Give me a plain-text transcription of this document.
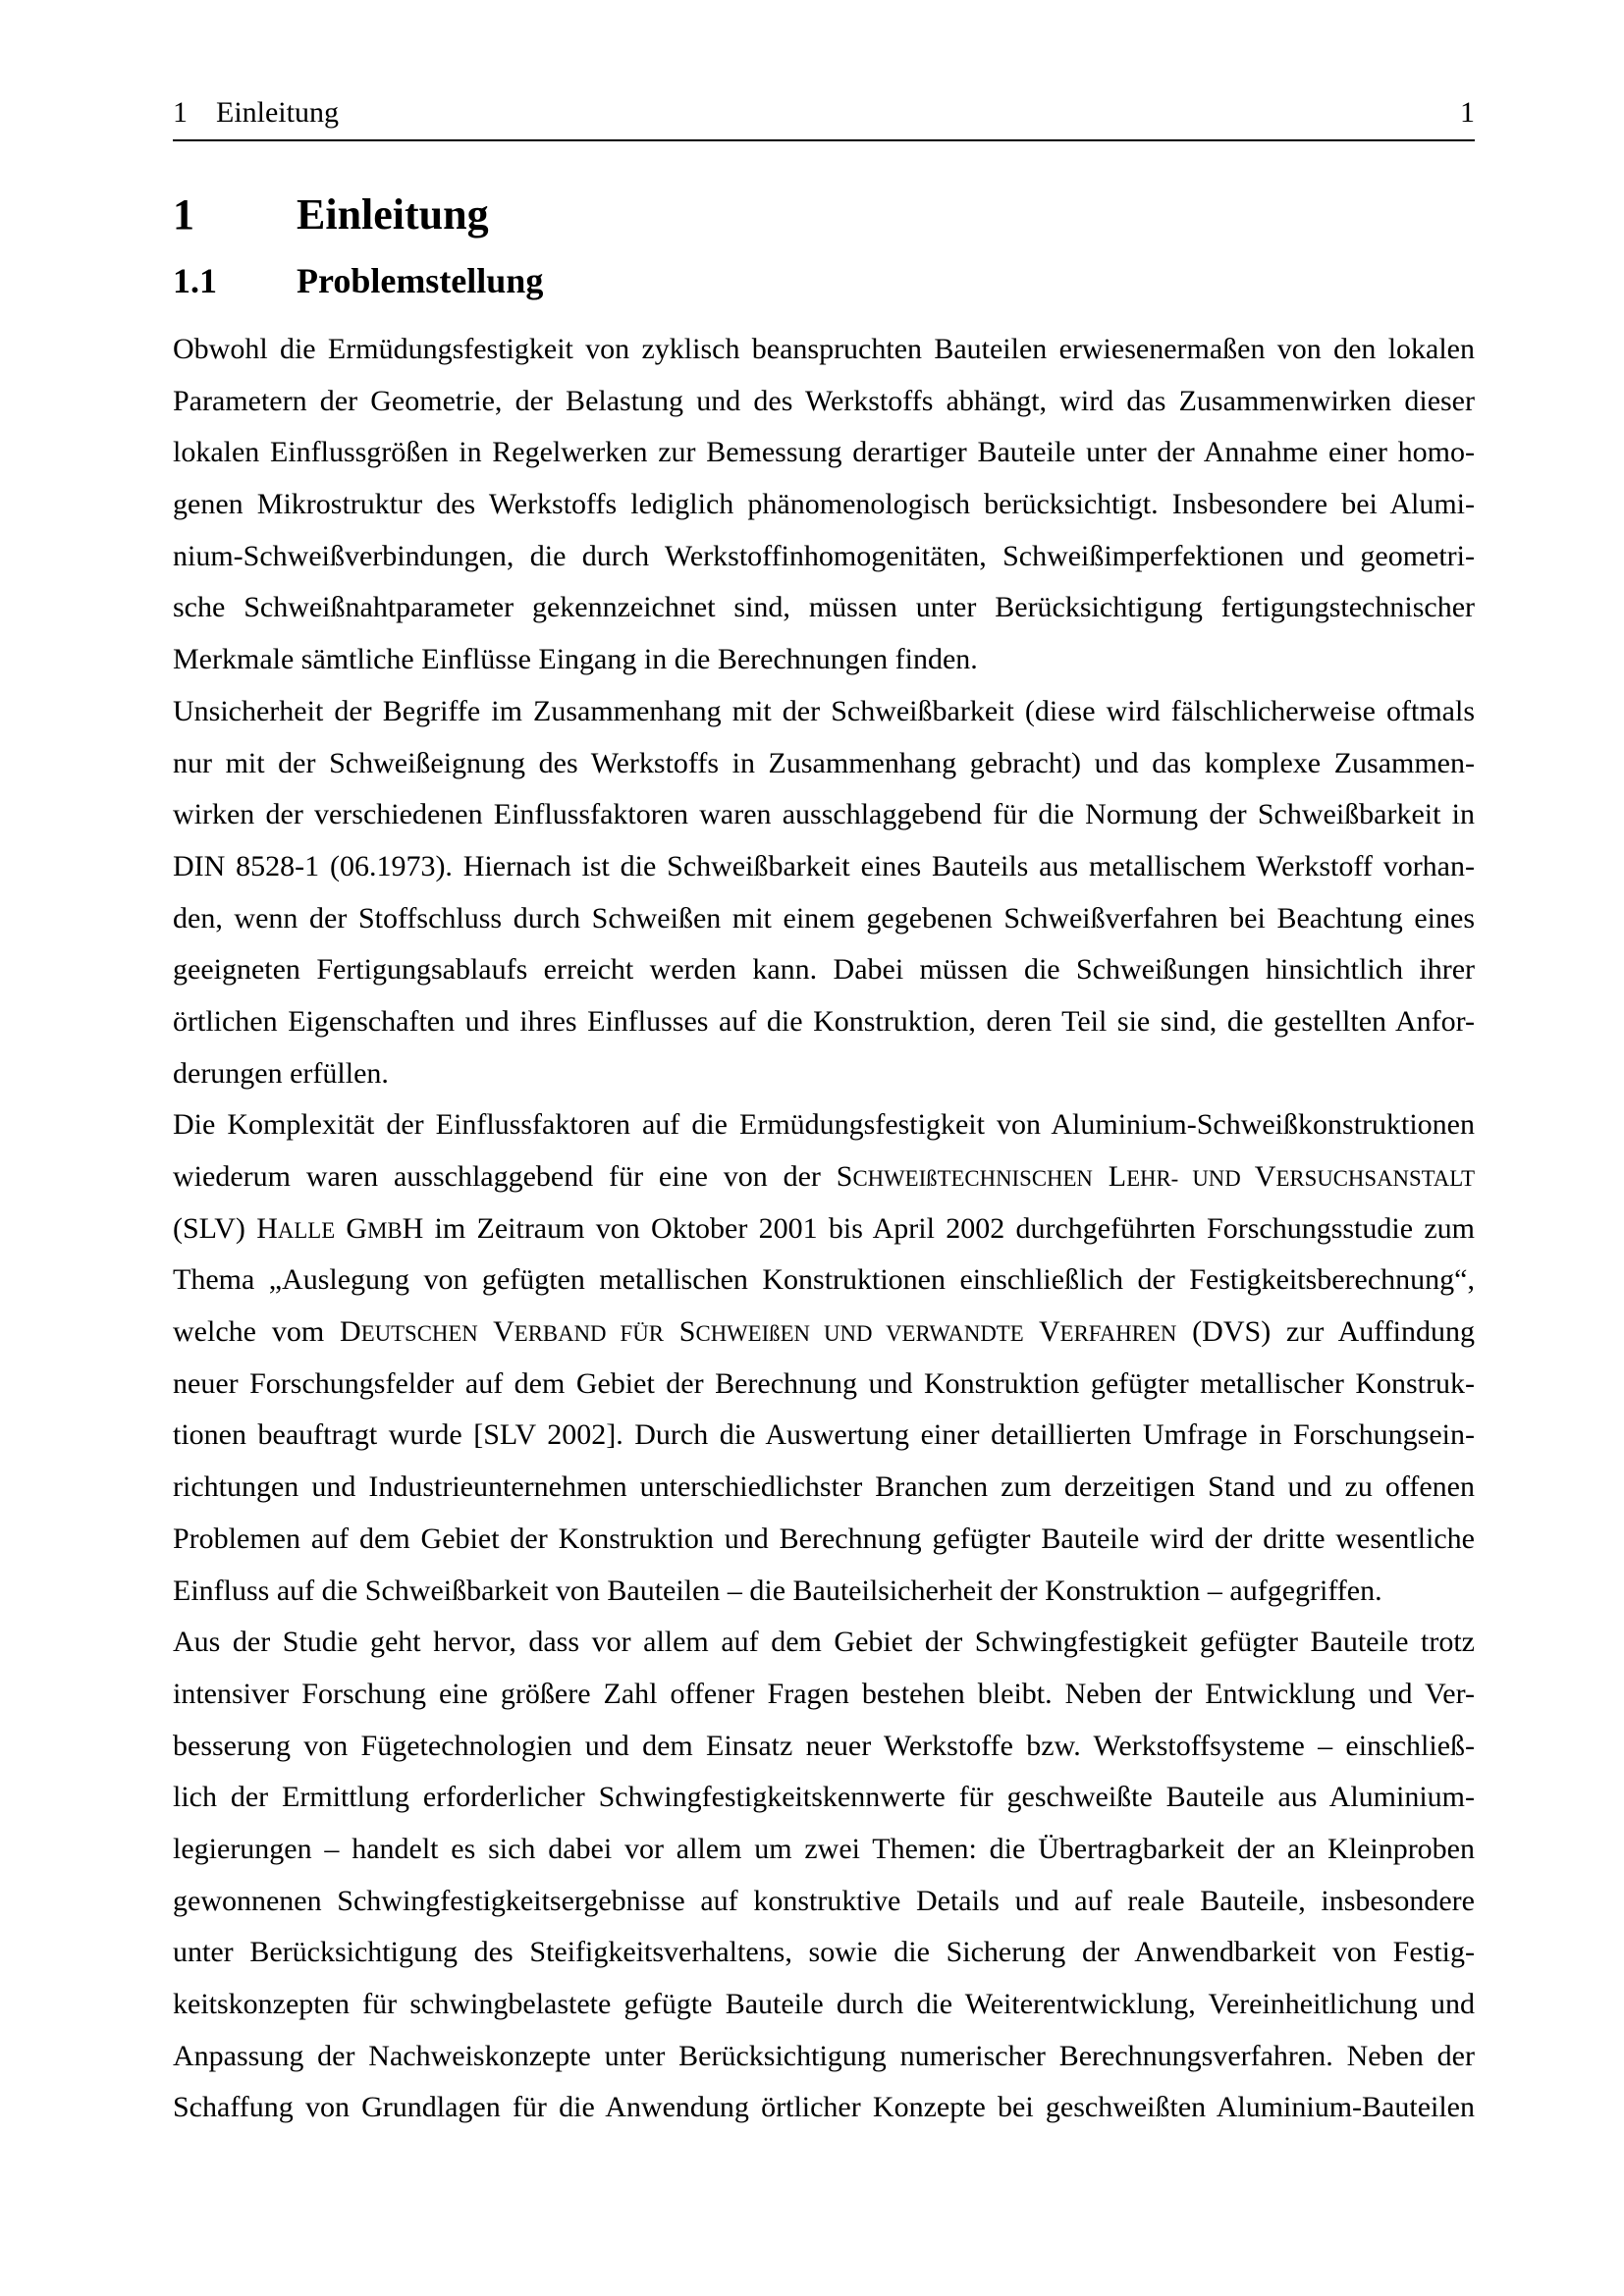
1 Einleitung	1
1 Einleitung
1.1 Problemstellung
Obwohl die Ermüdungsfestigkeit von zyklisch beanspruchten Bauteilen erwiesenermaßen von den lokalen
Parametern der Geometrie, der Belastung und des Werkstoffs abhängt, wird das Zusammenwirken dieser
lokalen Einflussgrößen in Regelwerken zur Bemessung derartiger Bauteile unter der Annahme einer homo-
genen Mikrostruktur des Werkstoffs lediglich phänomenologisch berücksichtigt. Insbesondere bei Alumi-
nium-Schweißverbindungen, die durch Werkstoffinhomogenitäten, Schweißimperfektionen und geometri-
sche Schweißnahtparameter gekennzeichnet sind, müssen unter Berücksichtigung fertigungstechnischer
Merkmale sämtliche Einflüsse Eingang in die Berechnungen finden.
Unsicherheit der Begriffe im Zusammenhang mit der Schweißbarkeit (diese wird fälschlicherweise oftmals
nur mit der Schweißeignung des Werkstoffs in Zusammenhang gebracht) und das komplexe Zusammen-
wirken der verschiedenen Einflussfaktoren waren ausschlaggebend für die Normung der Schweißbarkeit in
DIN 8528-1 (06.1973). Hiernach ist die Schweißbarkeit eines Bauteils aus metallischem Werkstoff vorhan-
den, wenn der Stoffschluss durch Schweißen mit einem gegebenen Schweißverfahren bei Beachtung eines
geeigneten Fertigungsablaufs erreicht werden kann. Dabei müssen die Schweißungen hinsichtlich ihrer
örtlichen Eigenschaften und ihres Einflusses auf die Konstruktion, deren Teil sie sind, die gestellten Anfor-
derungen erfüllen.
Die Komplexität der Einflussfaktoren auf die Ermüdungsfestigkeit von Aluminium-Schweißkonstruktionen
wiederum waren ausschlaggebend für eine von der SCHWEIßTECHNISCHEN LEHR- UND VERSUCHSANSTALT
(SLV) HALLE GMBH im Zeitraum von Oktober 2001 bis April 2002 durchgeführten Forschungsstudie zum
Thema „Auslegung von gefügten metallischen Konstruktionen einschließlich der Festigkeitsberechnung“,
welche vom DEUTSCHEN VERBAND FÜR SCHWEIßEN UND VERWANDTE VERFAHREN (DVS) zur Auffindung
neuer Forschungsfelder auf dem Gebiet der Berechnung und Konstruktion gefügter metallischer Konstruk-
tionen beauftragt wurde [SLV 2002]. Durch die Auswertung einer detaillierten Umfrage in Forschungsein-
richtungen und Industrieunternehmen unterschiedlichster Branchen zum derzeitigen Stand und zu offenen
Problemen auf dem Gebiet der Konstruktion und Berechnung gefügter Bauteile wird der dritte wesentliche
Einfluss auf die Schweißbarkeit von Bauteilen – die Bauteilsicherheit der Konstruktion – aufgegriffen.
Aus der Studie geht hervor, dass vor allem auf dem Gebiet der Schwingfestigkeit gefügter Bauteile trotz
intensiver Forschung eine größere Zahl offener Fragen bestehen bleibt. Neben der Entwicklung und Ver-
besserung von Fügetechnologien und dem Einsatz neuer Werkstoffe bzw. Werkstoffsysteme – einschließ-
lich der Ermittlung erforderlicher Schwingfestigkeitskennwerte für geschweißte Bauteile aus Aluminium-
legierungen – handelt es sich dabei vor allem um zwei Themen: die Übertragbarkeit der an Kleinproben
gewonnenen Schwingfestigkeitsergebnisse auf konstruktive Details und auf reale Bauteile, insbesondere
unter Berücksichtigung des Steifigkeitsverhaltens, sowie die Sicherung der Anwendbarkeit von Festig-
keitskonzepten für schwingbelastete gefügte Bauteile durch die Weiterentwicklung, Vereinheitlichung und
Anpassung der Nachweiskonzepte unter Berücksichtigung numerischer Berechnungsverfahren. Neben der
Schaffung von Grundlagen für die Anwendung örtlicher Konzepte bei geschweißten Aluminium-Bauteilen
